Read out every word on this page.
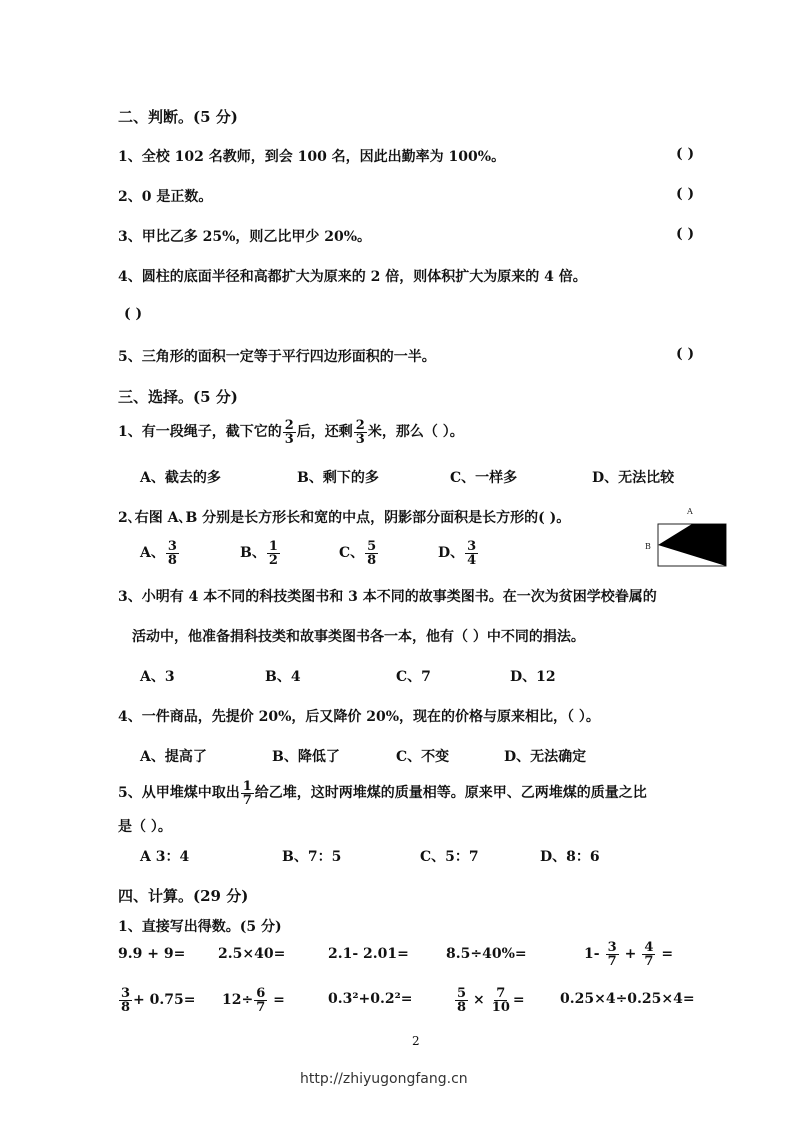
二、判断。(5 分)
1、全校 102 名教师，到会 100 名，因此出勤率为 100%。	( )
2、0 是正数。	( )
3、甲比乙多 25%，则乙比甲少 20%。	( )
4、圆柱的底面半径和高都扩大为原来的 2 倍，则体积扩大为原来的 4 倍。
( )
5、三角形的面积一定等于平行四边形面积的一半。	( )
三、选择。(5 分)
1、有一段绳子，截下它的 $\frac{2}{3}$ 后，还剩 $\frac{2}{3}$ 米，那么（ ）。
A、截去的多	B、剩下的多	C、一样多	D、无法比较
2､右图 A､B 分别是长方形长和宽的中点，阴影部分面积是长方形的( )。
A、 $\frac{3}{8}$	B、 $\frac{1}{2}$	C、 $\frac{5}{8}$	D、 $\frac{3}{4}$
A
B
3、小明有 4 本不同的科技类图书和 3 本不同的故事类图书。在一次为贫困学校眷属的
活动中，他准备捐科技类和故事类图书各一本，他有（ ）中不同的捐法。
A、3	B、4	C、7	D、12
4、一件商品，先提价 20%，后又降价 20%，现在的价格与原来相比，（ ）。
A、提高了	B、降低了	C、不变	D、无法确定
5、从甲堆煤中取出 $\frac{1}{7}$ 给乙堆，这时两堆煤的质量相等。原来甲、乙两堆煤的质量之比
是（ ）。
A 3：4	B、7：5	C、5：7	D、8：6
四、计算。(29 分)
1、直接写出得数。(5 分)
9.9 + 9= 2.5×40=	2.1- 2.01=	8.5÷40%=	$1- \frac{3}{7} + \frac{4}{7}$ =
$\frac{3}{8} + 0.75= 12\div \frac{6}{7}$ =	0.3²+0.2²=	$\frac{5}{8} \times \frac{7}{10}$ =	0.25×4÷0.25×4=
2
http://zhiyugongfang.cn
